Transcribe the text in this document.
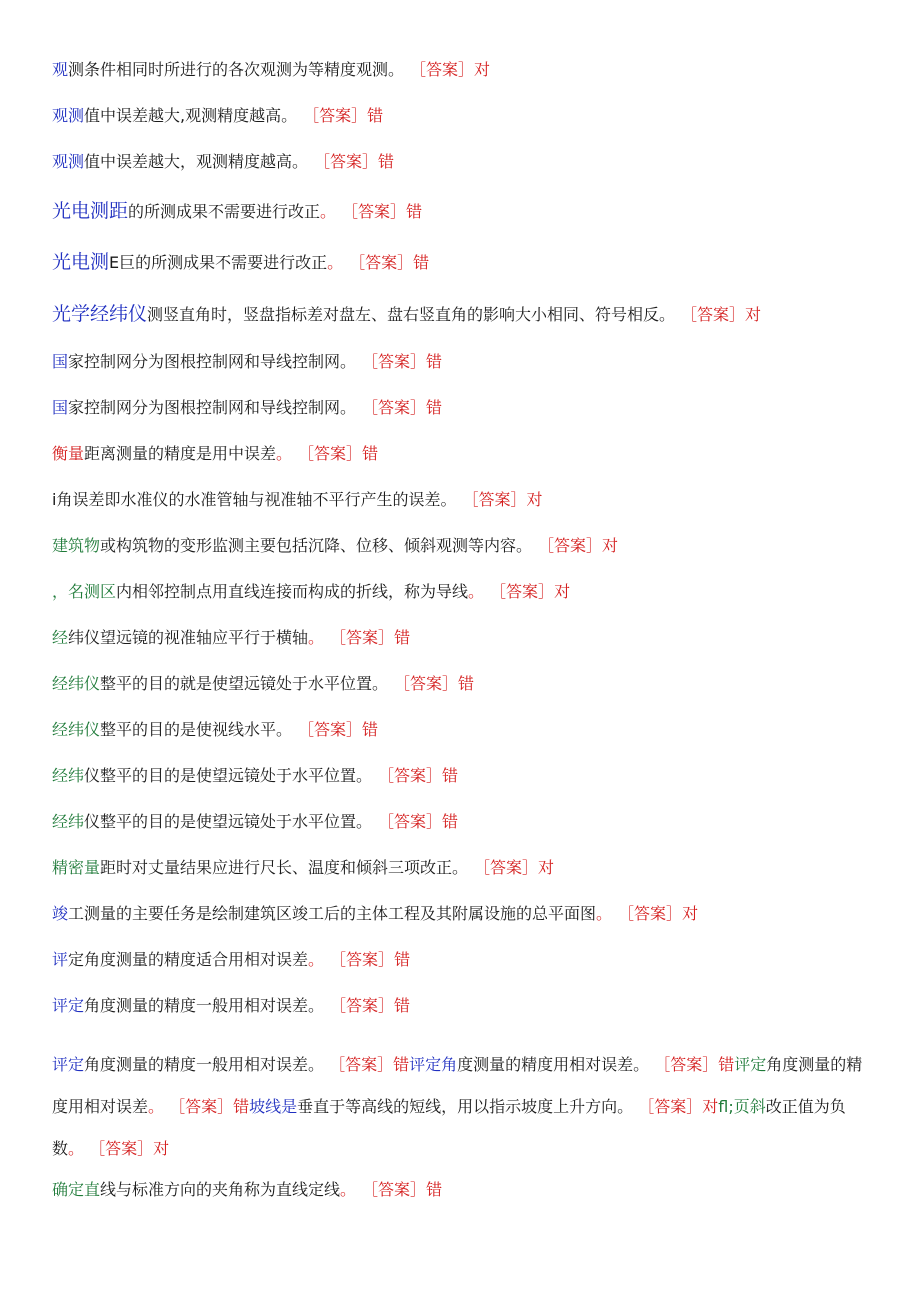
观测条件相同时所进行的各次观测为等精度观测。 ［答案］对
观测值中误差越大,观测精度越高。 ［答案］错
观测值中误差越大，观测精度越高。 ［答案］错
光电测距的所测成果不需要进行改正。 ［答案］错
光电测E巨的所测成果不需要进行改正。 ［答案］错
光学经纬仪测竖直角时，竖盘指标差对盘左、盘右竖直角的影响大小相同、符号相反。 ［答案］对
国家控制网分为图根控制网和导线控制网。 ［答案］错
国家控制网分为图根控制网和导线控制网。 ［答案］错
衡量距离测量的精度是用中误差。 ［答案］错
i角误差即水准仪的水准管轴与视准轴不平行产生的误差。 ［答案］对
建筑物或构筑物的变形监测主要包括沉降、位移、倾斜观测等内容。 ［答案］对
，名测区内相邻控制点用直线连接而构成的折线，称为导线。 ［答案］对
经纬仪望远镜的视准轴应平行于横轴。 ［答案］错
经纬仪整平的目的就是使望远镜处于水平位置。 ［答案］错
经纬仪整平的目的是使视线水平。 ［答案］错
经纬仪整平的目的是使望远镜处于水平位置。 ［答案］错
经纬仪整平的目的是使望远镜处于水平位置。 ［答案］错
精密量距时对丈量结果应进行尺长、温度和倾斜三项改正。 ［答案］对
竣工测量的主要任务是绘制建筑区竣工后的主体工程及其附属设施的总平面图。 ［答案］对
评定角度测量的精度适合用相对误差。 ［答案］错
评定角度测量的精度一般用相对误差。 ［答案］错
评定角度测量的精度一般用相对误差。 ［答案］错评定角度测量的精度用相对误差。 ［答案］错评定角度测量的精度用相对误差。 ［答案］错坡线是垂直于等高线的短线，用以指示坡度上升方向。 ［答案］对fl;页斜改正值为负数。 ［答案］对
确定直线与标准方向的夹角称为直线定线。 ［答案］错
